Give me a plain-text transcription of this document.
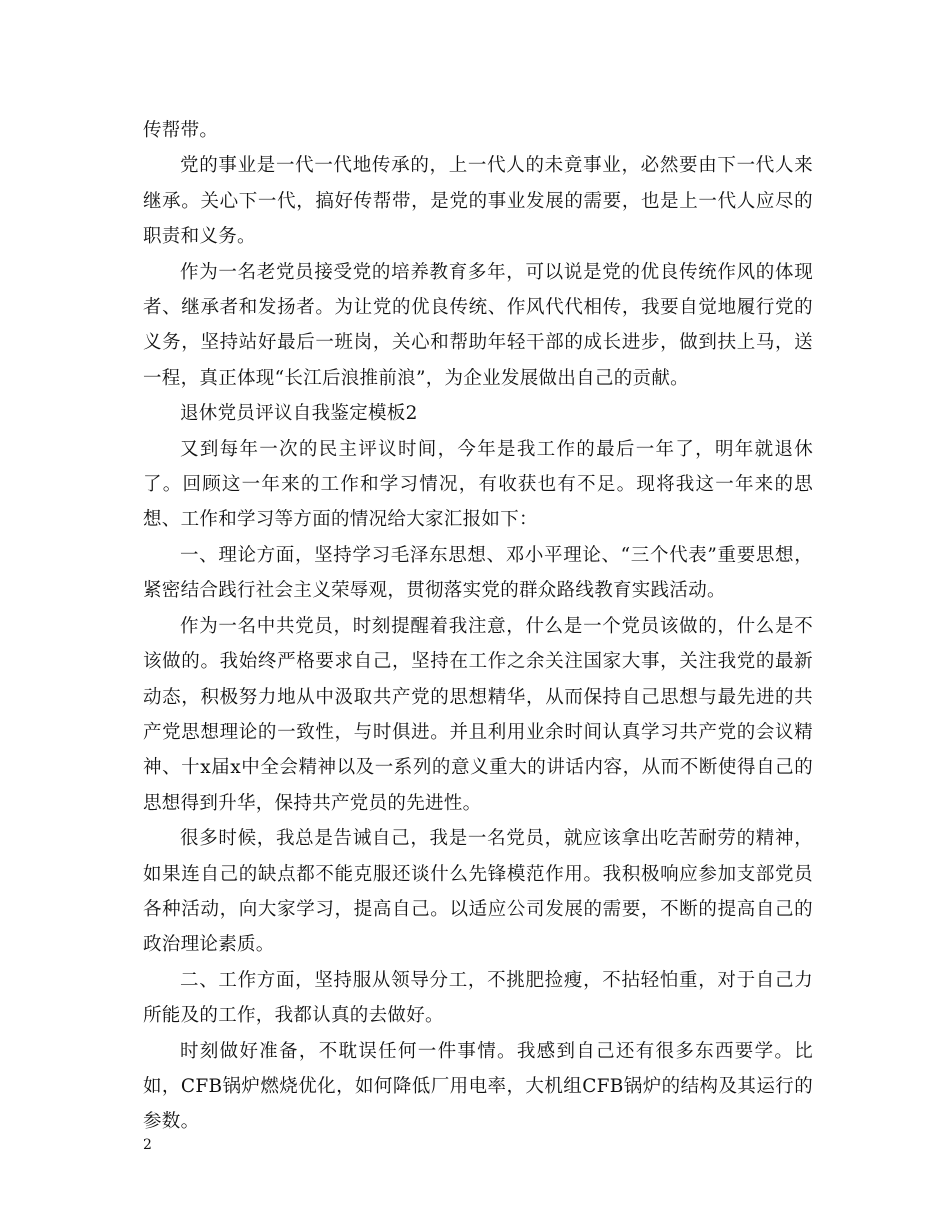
传帮带。

党的事业是一代一代地传承的，上一代人的未竟事业，必然要由下一代人来继承。关心下一代，搞好传帮带，是党的事业发展的需要，也是上一代人应尽的职责和义务。

作为一名老党员接受党的培养教育多年，可以说是党的优良传统作风的体现者、继承者和发扬者。为让党的优良传统、作风代代相传，我要自觉地履行党的义务，坚持站好最后一班岗，关心和帮助年轻干部的成长进步，做到扶上马，送一程，真正体现“长江后浪推前浪”，为企业发展做出自己的贡献。

退休党员评议自我鉴定模板2

又到每年一次的民主评议时间，今年是我工作的最后一年了，明年就退休了。回顾这一年来的工作和学习情况，有收获也有不足。现将我这一年来的思想、工作和学习等方面的情况给大家汇报如下：

一、理论方面，坚持学习毛泽东思想、邓小平理论、“三个代表”重要思想，紧密结合践行社会主义荣辱观，贯彻落实党的群众路线教育实践活动。

作为一名中共党员，时刻提醒着我注意，什么是一个党员该做的，什么是不该做的。我始终严格要求自己，坚持在工作之余关注国家大事，关注我党的最新动态，积极努力地从中汲取共产党的思想精华，从而保持自己思想与最先进的共产党思想理论的一致性，与时俱进。并且利用业余时间认真学习共产党的会议精神、十x届x中全会精神以及一系列的意义重大的讲话内容，从而不断使得自己的思想得到升华，保持共产党员的先进性。

很多时候，我总是告诫自己，我是一名党员，就应该拿出吃苦耐劳的精神，如果连自己的缺点都不能克服还谈什么先锋模范作用。我积极响应参加支部党员各种活动，向大家学习，提高自己。以适应公司发展的需要，不断的提高自己的政治理论素质。

二、工作方面，坚持服从领导分工，不挑肥捡瘦，不拈轻怕重，对于自己力所能及的工作，我都认真的去做好。

时刻做好准备，不耽误任何一件事情。我感到自己还有很多东西要学。比如，CFB锅炉燃烧优化，如何降低厂用电率，大机组CFB锅炉的结构及其运行的参数。

2
